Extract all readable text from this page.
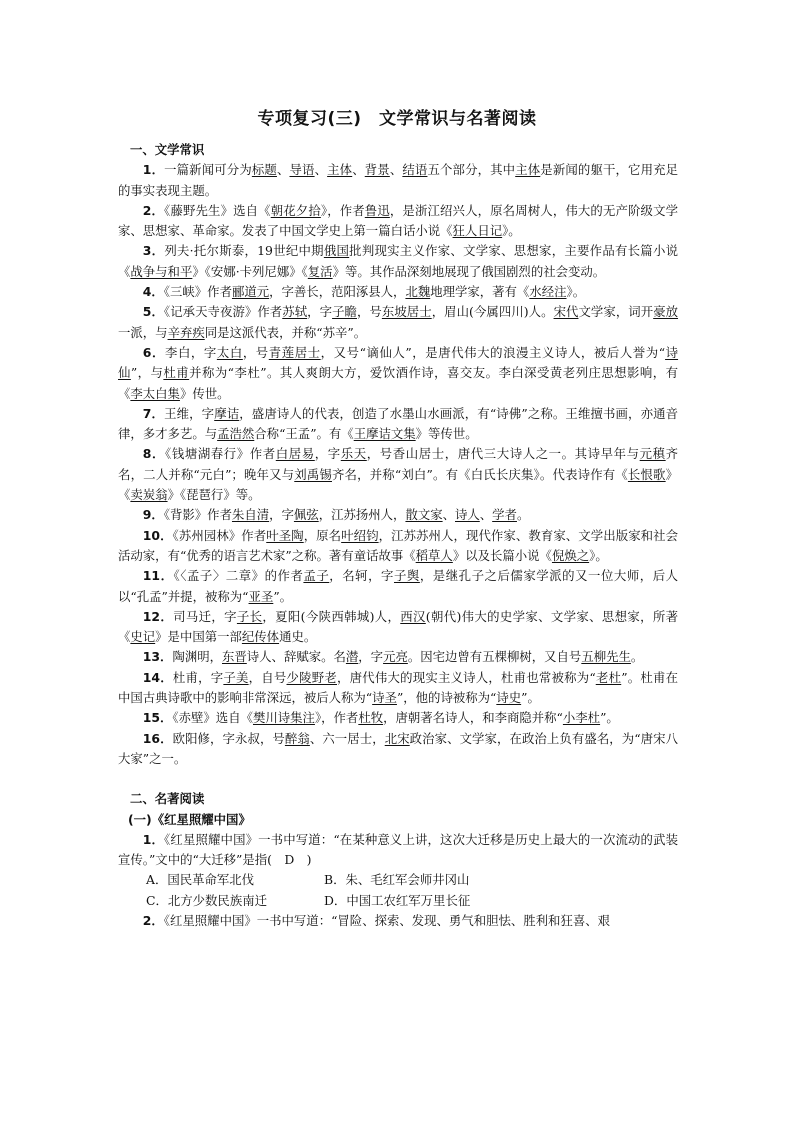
专项复习(三)　文学常识与名著阅读

一、文学常识

1．一篇新闻可分为标题、导语、主体、背景、结语五个部分，其中主体是新闻的躯干，它用充足的事实表现主题。

2．《藤野先生》选自《朝花夕拾》，作者鲁迅，是浙江绍兴人，原名周树人，伟大的无产阶级文学家、思想家、革命家。发表了中国文学史上第一篇白话小说《狂人日记》。

3．列夫·托尔斯泰，19世纪中期俄国批判现实主义作家、文学家、思想家，主要作品有长篇小说《战争与和平》《安娜·卡列尼娜》《复活》等。其作品深刻地展现了俄国剧烈的社会变动。

4．《三峡》作者郦道元，字善长，范阳涿县人，北魏地理学家，著有《水经注》。

5．《记承天寺夜游》作者苏轼，字子瞻，号东坡居士，眉山(今属四川)人。宋代文学家，词开豪放一派，与辛弃疾同是这派代表，并称“苏辛”。

6．李白，字太白，号青莲居士，又号“谪仙人”，是唐代伟大的浪漫主义诗人，被后人誉为“诗仙”，与杜甫并称为“李杜”。其人爽朗大方，爱饮酒作诗，喜交友。李白深受黄老列庄思想影响，有《李太白集》传世。

7．王维，字摩诘，盛唐诗人的代表，创造了水墨山水画派，有“诗佛”之称。王维擅书画，亦通音律，多才多艺。与孟浩然合称“王孟”。有《王摩诘文集》等传世。

8．《钱塘湖春行》作者白居易，字乐天，号香山居士，唐代三大诗人之一。其诗早年与元稹齐名，二人并称“元白”；晚年又与刘禹锡齐名，并称“刘白”。有《白氏长庆集》。代表诗作有《长恨歌》《卖炭翁》《琵琶行》等。

9．《背影》作者朱自清，字佩弦，江苏扬州人，散文家、诗人、学者。

10．《苏州园林》作者叶圣陶，原名叶绍钧，江苏苏州人，现代作家、教育家、文学出版家和社会活动家，有“优秀的语言艺术家”之称。著有童话故事《稻草人》以及长篇小说《倪焕之》。

11．《〈孟子〉二章》的作者孟子，名轲，字子舆，是继孔子之后儒家学派的又一位大师，后人以“孔孟”并提，被称为“亚圣”。

12．司马迁，字子长，夏阳(今陕西韩城)人，西汉(朝代)伟大的史学家、文学家、思想家，所著《史记》是中国第一部纪传体通史。

13．陶渊明，东晋诗人、辞赋家。名潜，字元亮。因宅边曾有五棵柳树，又自号五柳先生。

14．杜甫，字子美，自号少陵野老，唐代伟大的现实主义诗人，杜甫也常被称为“老杜”。杜甫在中国古典诗歌中的影响非常深远，被后人称为“诗圣”，他的诗被称为“诗史”。

15．《赤壁》选自《樊川诗集注》，作者杜牧，唐朝著名诗人，和李商隐并称“小李杜”。

16．欧阳修，字永叔，号醉翁、六一居士，北宋政治家、文学家，在政治上负有盛名，为“唐宋八大家”之一。

二、名著阅读

(一)《红星照耀中国》

1．《红星照耀中国》一书中写道：“在某种意义上讲，这次大迁移是历史上最大的一次流动的武装宣传。”文中的“大迁移”是指(　D　)

A．国民革命军北伐	B．朱、毛红军会师井冈山
C．北方少数民族南迁	D．中国工农红军万里长征

2．《红星照耀中国》一书中写道：“冒险、探索、发现、勇气和胆怯、胜利和狂喜、艰
